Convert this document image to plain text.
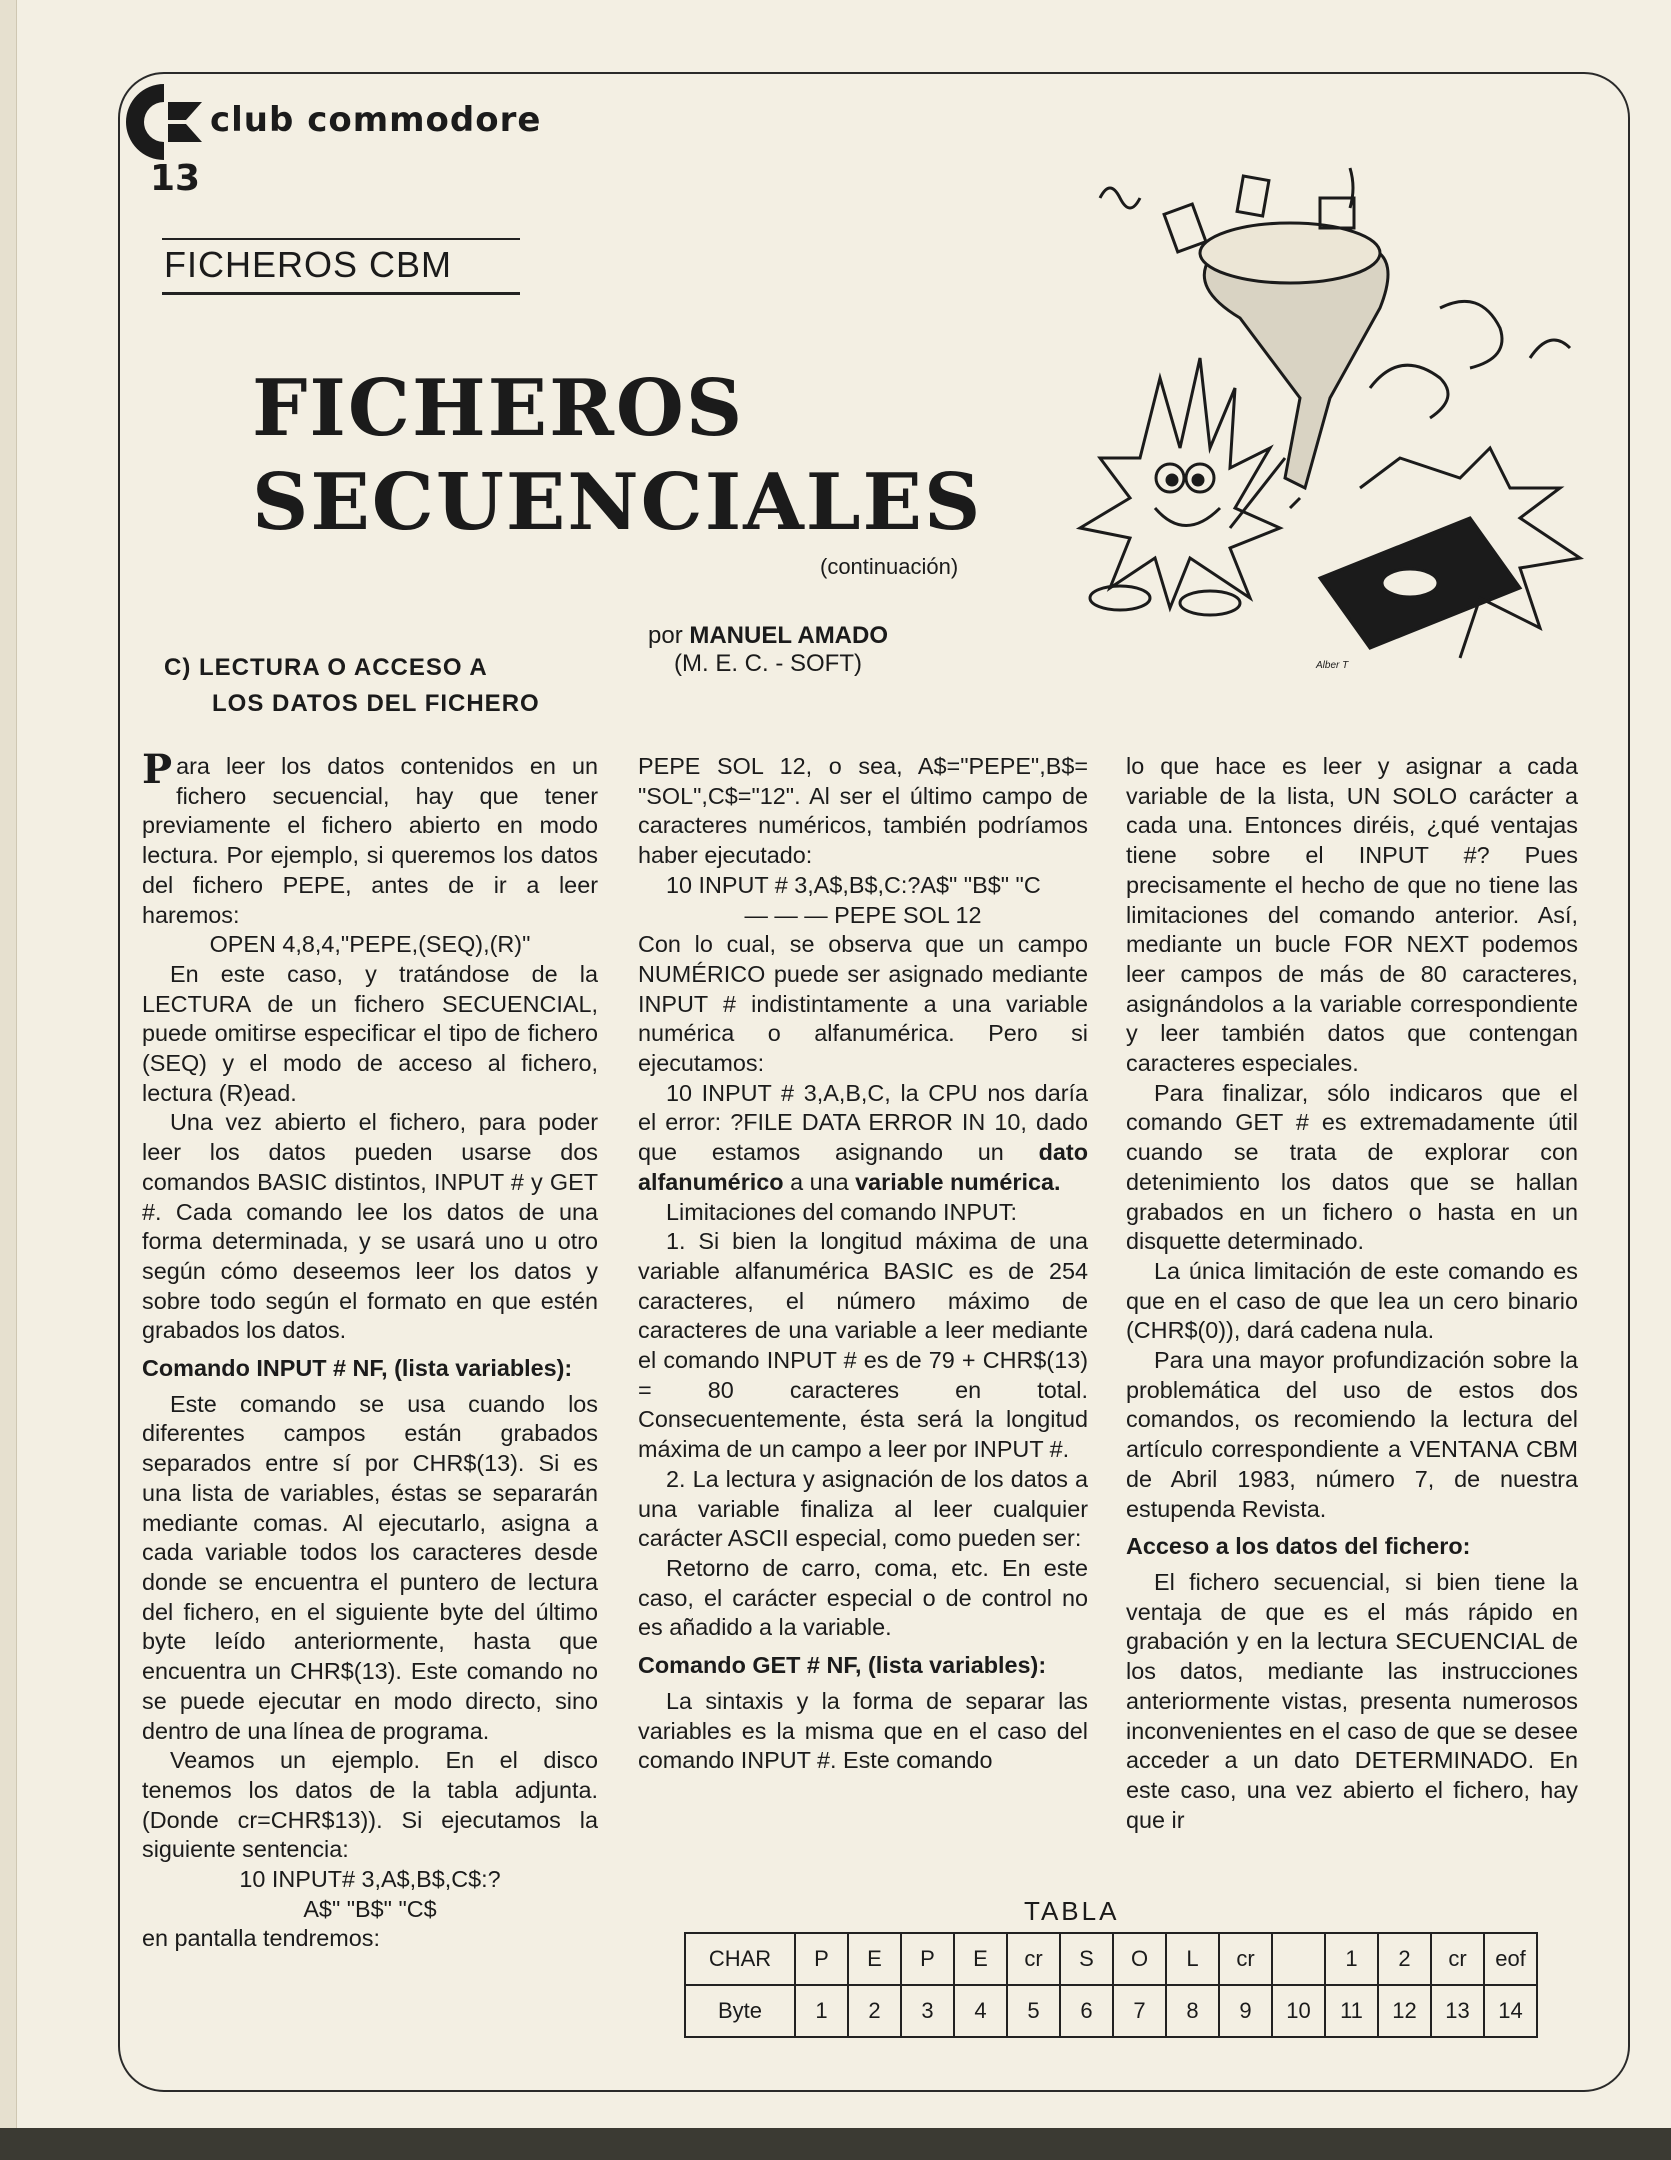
club commodore
13
FICHEROS CBM
FICHEROS
SECUENCIALES
(continuación)
por MANUEL AMADO
(M. E. C. - SOFT)
C) LECTURA O ACCESO A
LOS DATOS DEL FICHERO
Alber T

Para leer los datos contenidos en un fichero secuencial, hay que tener previamente el fichero abierto en modo lectura. Por ejemplo, si queremos los datos del fichero PEPE, antes de ir a leer haremos:

OPEN 4,8,4,"PEPE,(SEQ),(R)"

En este caso, y tratándose de la LECTURA de un fichero SECUENCIAL, puede omitirse especificar el tipo de fichero (SEQ) y el modo de acceso al fichero, lectura (R)ead.

Una vez abierto el fichero, para poder leer los datos pueden usarse dos comandos BASIC distintos, INPUT # y GET #. Cada comando lee los datos de una forma determinada, y se usará uno u otro según cómo deseemos leer los datos y sobre todo según el formato en que estén grabados los datos.

Comando INPUT # NF, (lista variables):

Este comando se usa cuando los diferentes campos están grabados separados entre sí por CHR$(13). Si es una lista de variables, éstas se separarán mediante comas. Al ejecutarlo, asigna a cada variable todos los caracteres desde donde se encuentra el puntero de lectura del fichero, en el siguiente byte del último byte leído anteriormente, hasta que encuentra un CHR$(13). Este comando no se puede ejecutar en modo directo, sino dentro de una línea de programa.

Veamos un ejemplo. En el disco tenemos los datos de la tabla adjunta. (Donde cr=CHR$13)). Si ejecutamos la siguiente sentencia:

10 INPUT# 3,A$,B$,C$:?

A$" "B$" "C$

en pantalla tendremos:

PEPE SOL 12, o sea, A$="PEPE",B$= "SOL",C$="12". Al ser el último campo de caracteres numéricos, también podríamos haber ejecutado:

10 INPUT # 3,A$,B$,C:?A$" "B$" "C

— — — PEPE SOL 12

Con lo cual, se observa que un campo NUMÉRICO puede ser asignado mediante INPUT # indistintamente a una variable numérica o alfanumérica. Pero si ejecutamos:

10 INPUT # 3,A,B,C, la CPU nos daría el error: ?FILE DATA ERROR IN 10, dado que estamos asignando un dato alfanumérico a una variable numérica.

Limitaciones del comando INPUT:

1. Si bien la longitud máxima de una variable alfanumérica BASIC es de 254 caracteres, el número máximo de caracteres de una variable a leer mediante el comando INPUT # es de 79 + CHR$(13) = 80 caracteres en total. Consecuentemente, ésta será la longitud máxima de un campo a leer por INPUT #.

2. La lectura y asignación de los datos a una variable finaliza al leer cualquier carácter ASCII especial, como pueden ser:

Retorno de carro, coma, etc. En este caso, el carácter especial o de control no es añadido a la variable.

Comando GET # NF, (lista variables):

La sintaxis y la forma de separar las variables es la misma que en el caso del comando INPUT #. Este comando

lo que hace es leer y asignar a cada variable de la lista, UN SOLO carácter a cada una. Entonces diréis, ¿qué ventajas tiene sobre el INPUT #? Pues precisamente el hecho de que no tiene las limitaciones del comando anterior. Así, mediante un bucle FOR NEXT podemos leer campos de más de 80 caracteres, asignándolos a la variable correspondiente y leer también datos que contengan caracteres especiales.

Para finalizar, sólo indicaros que el comando GET # es extremadamente útil cuando se trata de explorar con detenimiento los datos que se hallan grabados en un fichero o hasta en un disquette determinado.

La única limitación de este comando es que en el caso de que lea un cero binario (CHR$(0)), dará cadena nula.

Para una mayor profundización sobre la problemática del uso de estos dos comandos, os recomiendo la lectura del artículo correspondiente a VENTANA CBM de Abril 1983, número 7, de nuestra estupenda Revista.

Acceso a los datos del fichero:

El fichero secuencial, si bien tiene la ventaja de que es el más rápido en grabación y en la lectura SECUENCIAL de los datos, mediante las instrucciones anteriormente vistas, presenta numerosos inconvenientes en el caso de que se desee acceder a un dato DETERMINADO. En este caso, una vez abierto el fichero, hay que ir

TABLA
CHAR	P	E	P	E	cr	S	O	L	cr		1	2	cr	eof
Byte	1	2	3	4	5	6	7	8	9	10	11	12	13	14
